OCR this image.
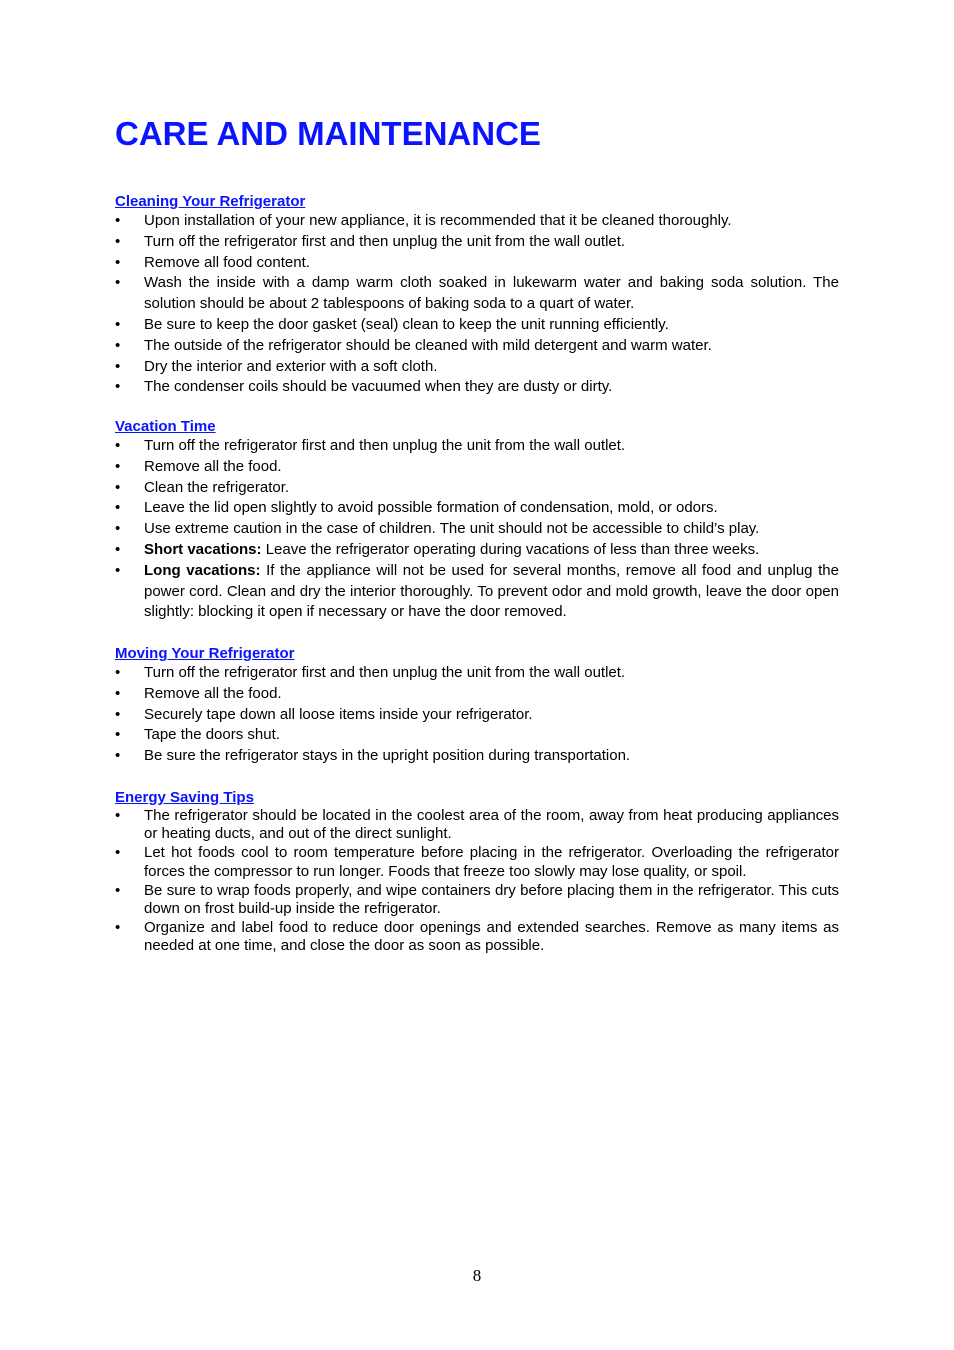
CARE AND MAINTENANCE
Cleaning Your Refrigerator
• Upon installation of your new appliance, it is recommended that it be cleaned thoroughly.
• Turn off the refrigerator first and then unplug the unit from the wall outlet.
• Remove all food content.
• Wash the inside with a damp warm cloth soaked in lukewarm water and baking soda solution. The solution should be about 2 tablespoons of baking soda to a quart of water.
• Be sure to keep the door gasket (seal) clean to keep the unit running efficiently.
• The outside of the refrigerator should be cleaned with mild detergent and warm water.
• Dry the interior and exterior with a soft cloth.
• The condenser coils should be vacuumed when they are dusty or dirty.
Vacation Time
• Turn off the refrigerator first and then unplug the unit from the wall outlet.
• Remove all the food.
• Clean the refrigerator.
• Leave the lid open slightly to avoid possible formation of condensation, mold, or odors.
• Use extreme caution in the case of children. The unit should not be accessible to child’s play.
• Short vacations: Leave the refrigerator operating during vacations of less than three weeks.
• Long vacations: If the appliance will not be used for several months, remove all food and unplug the power cord. Clean and dry the interior thoroughly. To prevent odor and mold growth, leave the door open slightly: blocking it open if necessary or have the door removed.
Moving Your Refrigerator
• Turn off the refrigerator first and then unplug the unit from the wall outlet.
• Remove all the food.
• Securely tape down all loose items inside your refrigerator.
• Tape the doors shut.
• Be sure the refrigerator stays in the upright position during transportation.
Energy Saving Tips
• The refrigerator should be located in the coolest area of the room, away from heat producing appliances or heating ducts, and out of the direct sunlight.
• Let hot foods cool to room temperature before placing in the refrigerator. Overloading the refrigerator forces the compressor to run longer. Foods that freeze too slowly may lose quality, or spoil.
• Be sure to wrap foods properly, and wipe containers dry before placing them in the refrigerator. This cuts down on frost build-up inside the refrigerator.
• Organize and label food to reduce door openings and extended searches. Remove as many items as needed at one time, and close the door as soon as possible.
8
